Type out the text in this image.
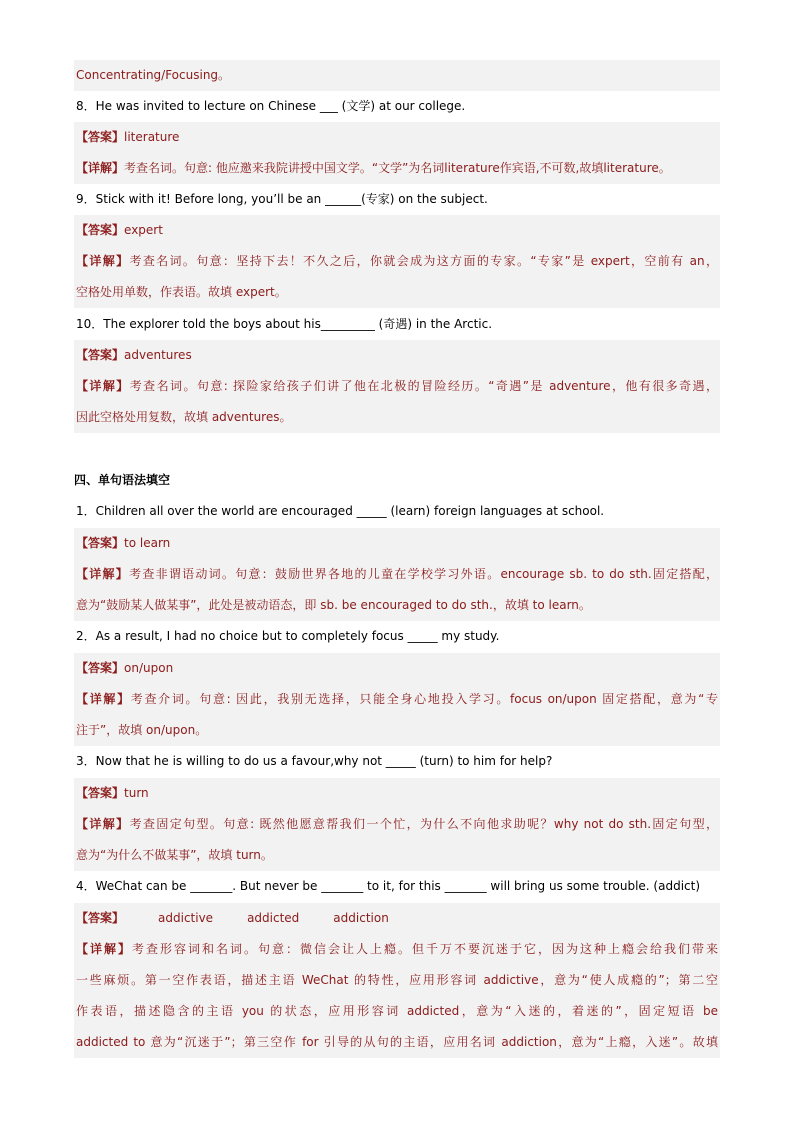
Concentrating/Focusing。
8．He was invited to lecture on Chinese ___ (文学) at our college.
【答案】literature
【详解】考查名词。句意: 他应邀来我院讲授中国文学。“文学”为名词literature作宾语,不可数,故填literature。
9．Stick with it! Before long, you’ll be an ______(专家) on the subject.
【答案】expert
【详解】考查名词。句意：坚持下去！不久之后，你就会成为这方面的专家。“专家”是 expert，空前有 an，
空格处用单数，作表语。故填 expert。
10．The explorer told the boys about his_________ (奇遇) in the Arctic.
【答案】adventures
【详解】考查名词。句意: 探险家给孩子们讲了他在北极的冒险经历。“奇遇”是 adventure，他有很多奇遇，
因此空格处用复数，故填 adventures。
四、单句语法填空
1．Children all over the world are encouraged _____ (learn) foreign languages at school.
【答案】to learn
【详解】考查非谓语动词。句意：鼓励世界各地的儿童在学校学习外语。encourage sb. to do sth.固定搭配，
意为“鼓励某人做某事”，此处是被动语态，即 sb. be encouraged to do sth.，故填 to learn。
2．As a result, I had no choice but to completely focus _____ my study.
【答案】on/upon
【详解】考查介词。句意: 因此，我别无选择，只能全身心地投入学习。focus on/upon 固定搭配，意为“专
注于”，故填 on/upon。
3．Now that he is willing to do us a favour,why not _____ (turn) to him for help?
【答案】turn
【详解】考查固定句型。句意: 既然他愿意帮我们一个忙，为什么不向他求助呢？why not do sth.固定句型，
意为“为什么不做某事”，故填 turn。
4．WeChat can be _______. But never be _______ to it, for this _______ will bring us some trouble. (addict)
【答案】	addictive	addicted	addiction
【详解】考查形容词和名词。句意：微信会让人上瘾。但千万不要沉迷于它，因为这种上瘾会给我们带来
一些麻烦。第一空作表语，描述主语 WeChat 的特性，应用形容词 addictive，意为“使人成瘾的”；第二空
作表语，描述隐含的主语 you 的状态，应用形容词 addicted，意为“入迷的，着迷的”，固定短语 be
addicted to 意为“沉迷于”；第三空作 for 引导的从句的主语，应用名词 addiction，意为“上瘾，入迷”。故填
